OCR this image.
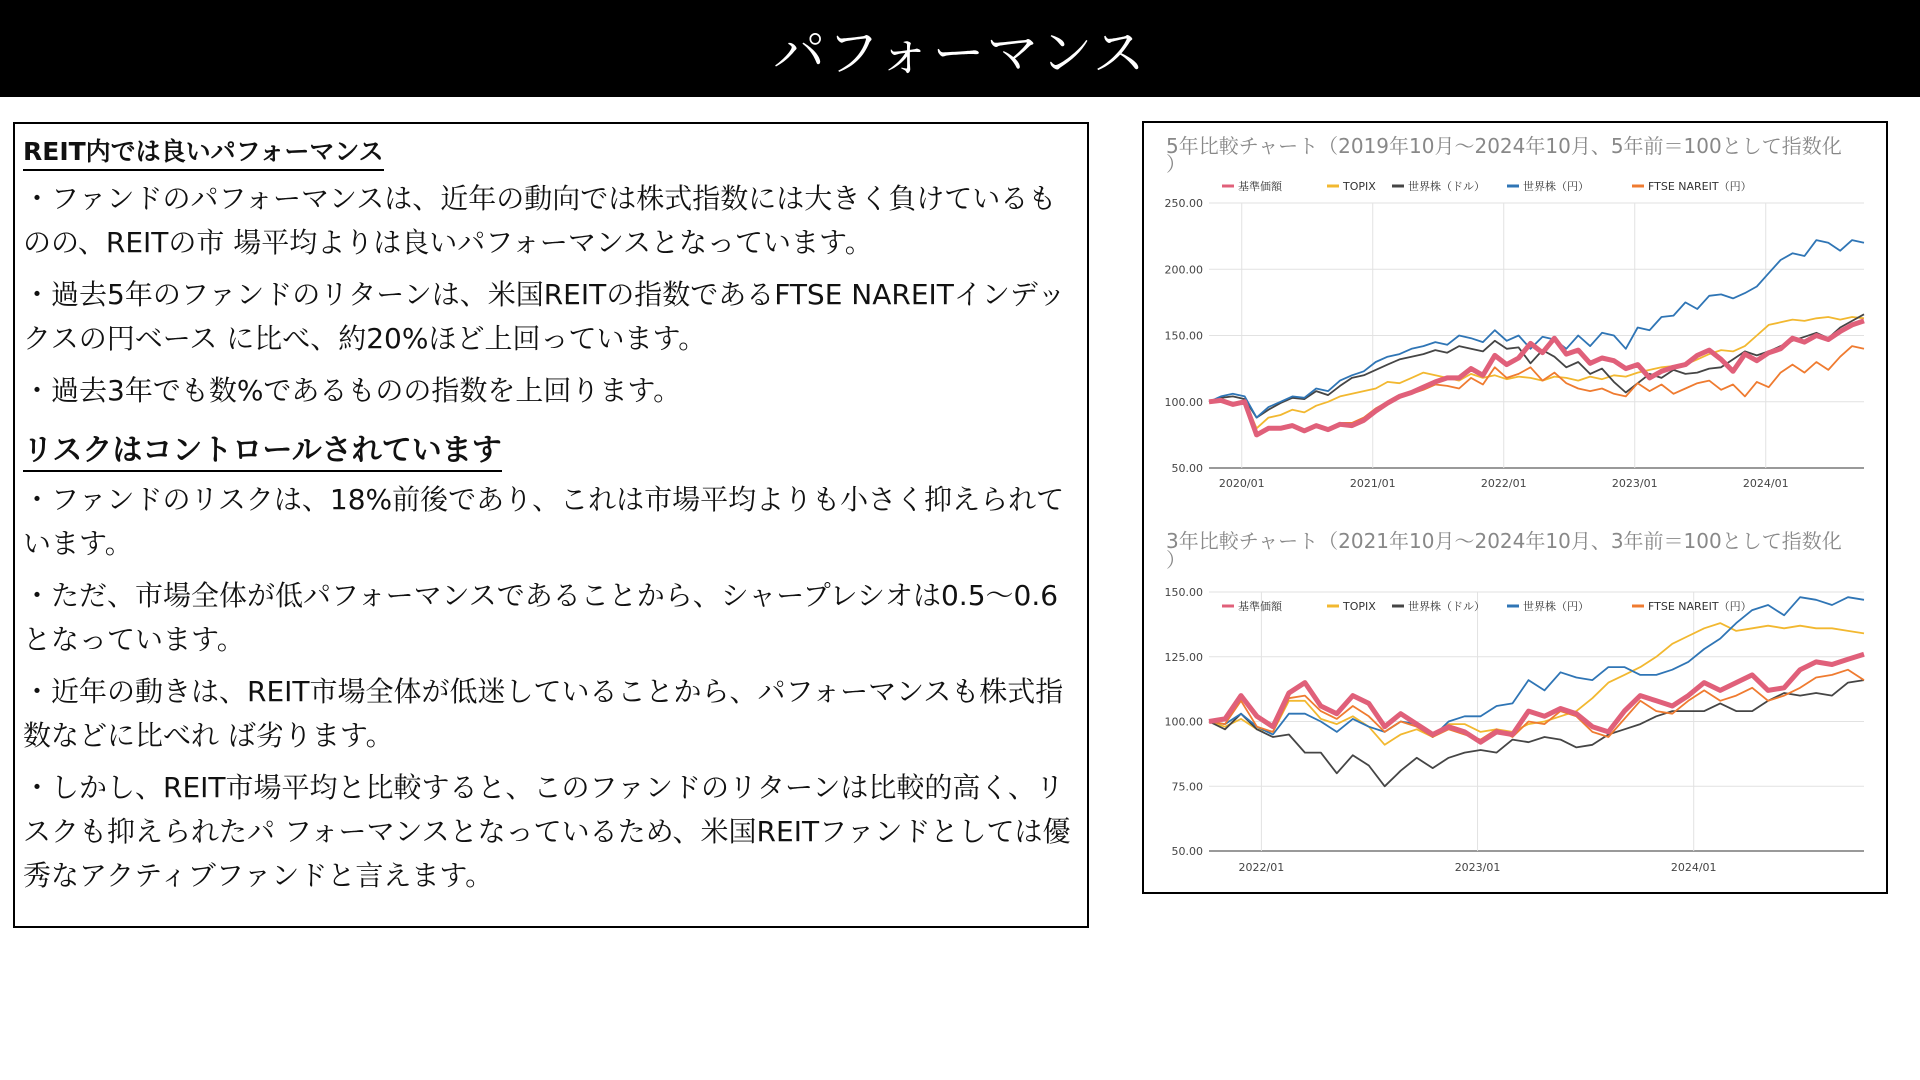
パフォーマンス
REIT内では良いパフォーマンス

・ファンドのパフォーマンスは、近年の動向では株式指数には大きく負けているものの、REITの市 場平均よりは良いパフォーマンスとなっています。

・過去5年のファンドのリターンは、米国REITの指数であるFTSE NAREITインデックスの円ベース に比べ、約20%ほど上回っています。

・過去3年でも数%であるものの指数を上回ります。

リスクはコントロールされています

・ファンドのリスクは、18%前後であり、これは市場平均よりも小さく抑えられています。

・ただ、市場全体が低パフォーマンスであることから、シャープレシオは0.5～0.6となっています。

・近年の動きは、REIT市場全体が低迷していることから、パフォーマンスも株式指数などに比べれ ば劣ります。

・しかし、REIT市場平均と比較すると、このファンドのリターンは比較的高く、リスクも抑えられたパ フォーマンスとなっているため、米国REITファンドとしては優秀なアクティブファンドと言えます。

5年比較チャート（2019年10月～2024年10月、5年前＝100として指数化
）
250.00
200.00
150.00
100.00
50.00
2020/01	2021/01	2022/01	2023/01	2024/01
基準価額	TOPIX	世界株（ドル）	世界株（円）	FTSE NAREIT（円）
3年比較チャート（2021年10月～2024年10月、3年前＝100として指数化
）
150.00
125.00
100.00
75.00
50.00
2022/01	2023/01	2024/01
基準価額	TOPIX	世界株（ドル）	世界株（円）	FTSE NAREIT（円）
